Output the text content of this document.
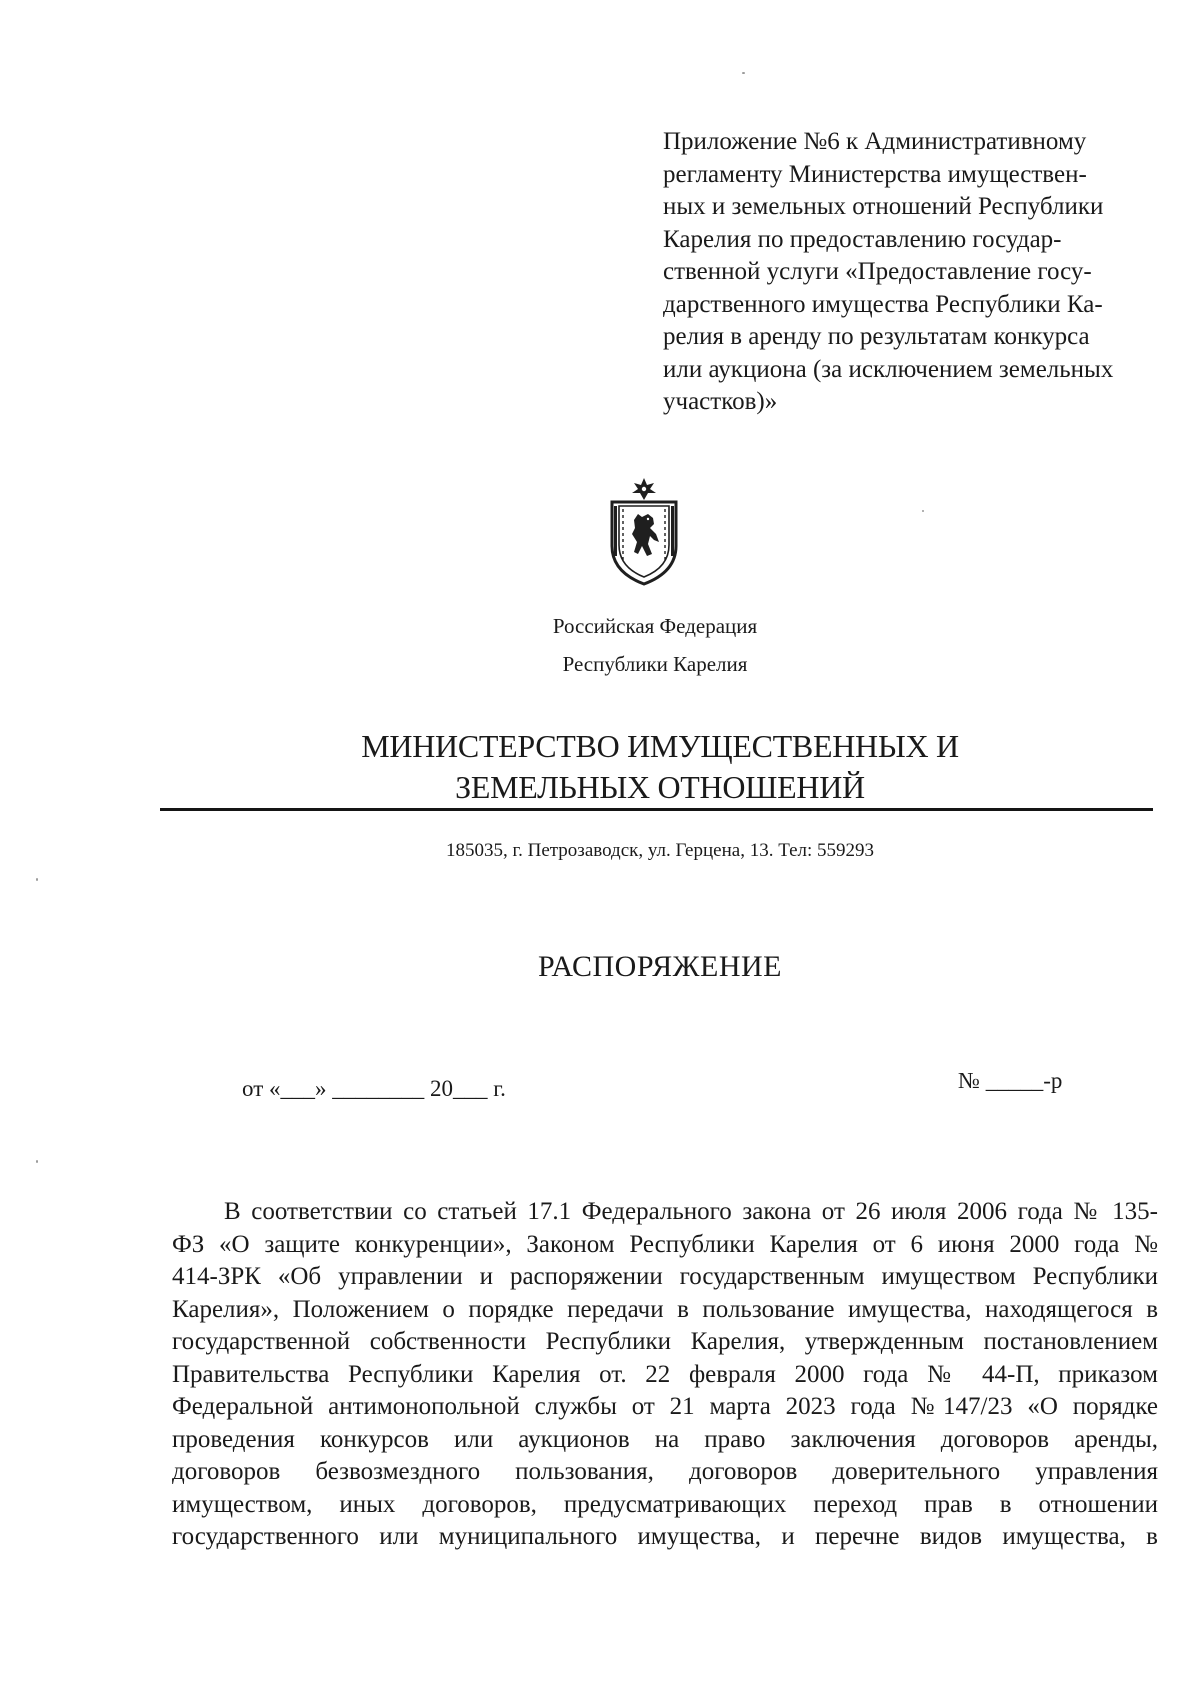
Приложение №6 к Административному
регламенту Министерства имуществен-
ных и земельных отношений Республики
Карелия по предоставлению государ-
ственной услуги «Предоставление госу-
дарственного имущества Республики Ка-
релия в аренду по результатам конкурса
или аукциона (за исключением земельных
участков)»
Российская Федерация
Республики Карелия
МИНИСТЕРСТВО ИМУЩЕСТВЕННЫХ И
ЗЕМЕЛЬНЫХ ОТНОШЕНИЙ
185035, г. Петрозаводск, ул. Герцена, 13. Тел: 559293
РАСПОРЯЖЕНИЕ
от «___» ________ 20___ г.	№ _____-р
В соответствии со статьей 17.1 Федерального закона от 26 июля 2006 года № 135-
ФЗ «О защите конкуренции», Законом Республики Карелия от 6 июня 2000 года №
414-ЗРК «Об управлении и распоряжении государственным имуществом Республики
Карелия», Положением о порядке передачи в пользование имущества, находящегося в
государственной собственности Республики Карелия, утвержденным постановлением
Правительства Республики Карелия от. 22 февраля 2000 года № 44-П, приказом
Федеральной антимонопольной службы от 21 марта 2023 года №147/23 «О порядке
проведения конкурсов или аукционов на право заключения договоров аренды,
договоров безвозмездного пользования, договоров доверительного управления
имуществом, иных договоров, предусматривающих переход прав в отношении
государственного или муниципального имущества, и перечне видов имущества, в
